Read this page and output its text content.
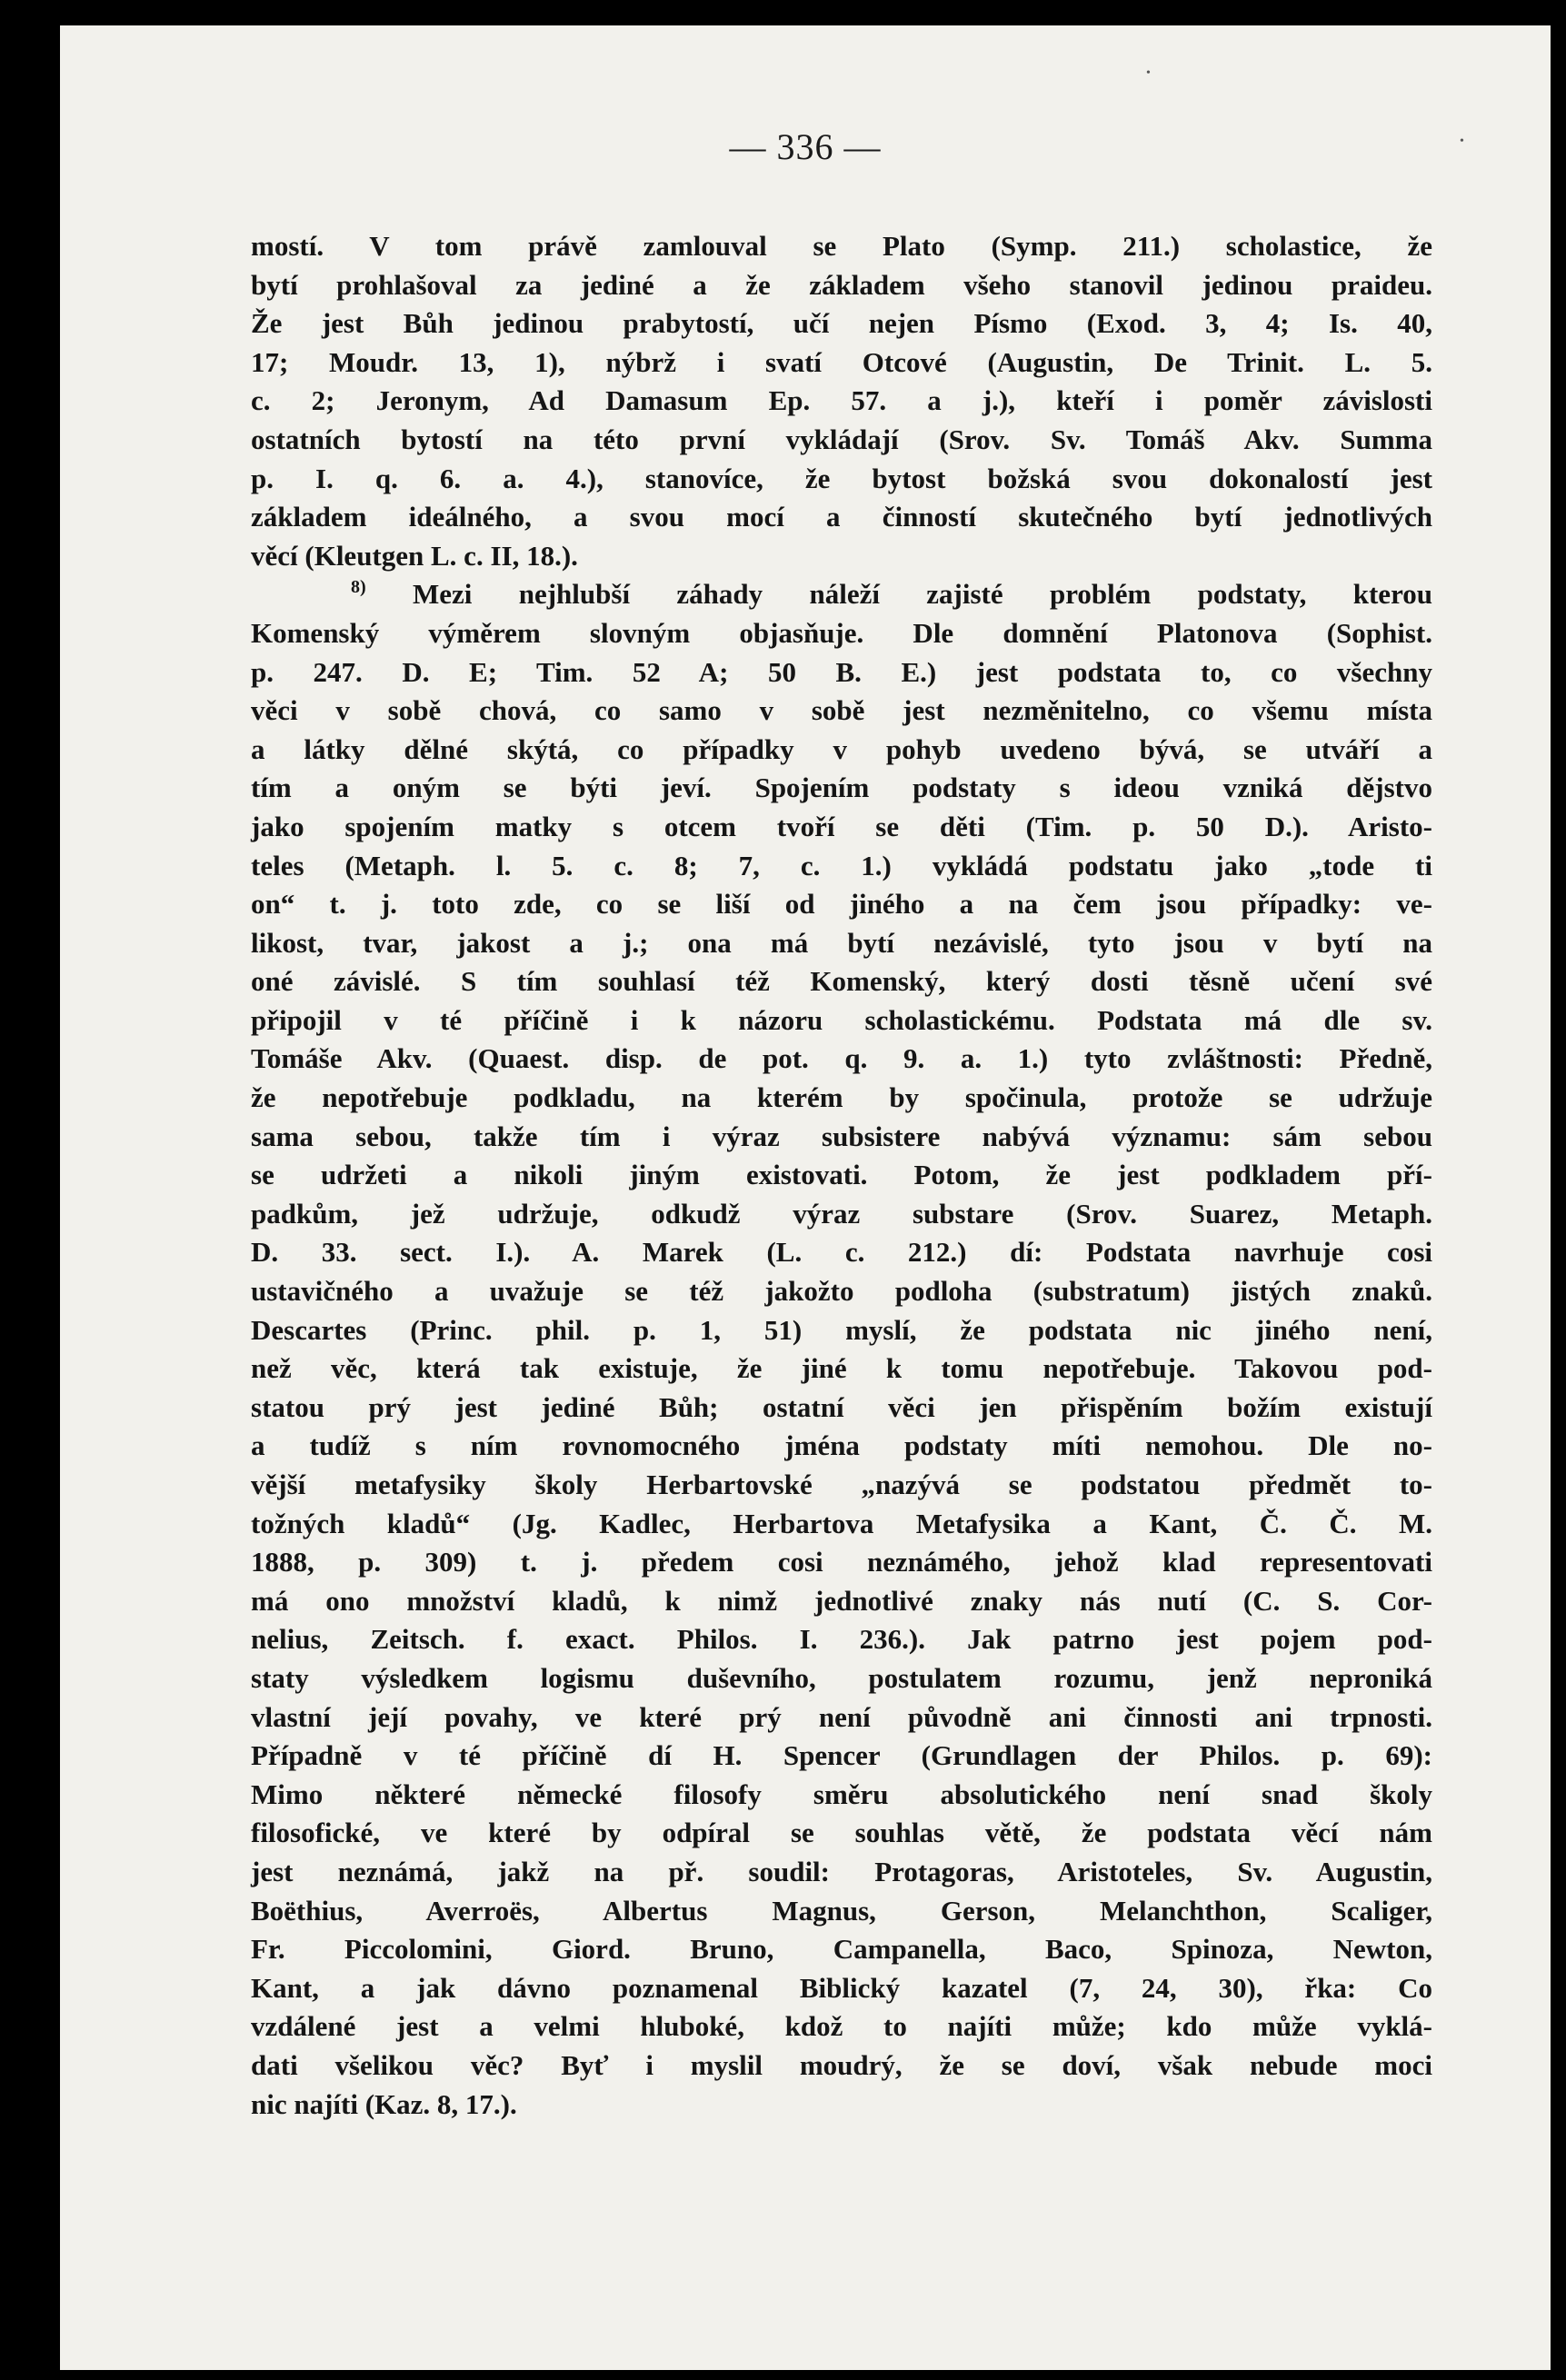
— 336 —
mostí. V tom právě zamlouval se Plato (Symp. 211.) scholastice, že
bytí prohlašoval za jediné a že základem všeho stanovil jedinou praideu.
Že jest Bůh jedinou prabytostí, učí nejen Písmo (Exod. 3, 4; Is. 40,
17; Moudr. 13, 1), nýbrž i svatí Otcové (Augustin, De Trinit. L. 5.
c. 2; Jeronym, Ad Damasum Ep. 57. a j.), kteří i poměr závislosti
ostatních bytostí na této první vykládají (Srov. Sv. Tomáš Akv. Summa
p. I. q. 6. a. 4.), stanovíce, že bytost božská svou dokonalostí jest
základem ideálného, a svou mocí a činností skutečného bytí jednotlivých
věcí (Kleutgen L. c. II, 18.).
$^{8)}$ Mezi nejhlubší záhady náleží zajisté problém podstaty, kterou
Komenský výměrem slovným objasňuje. Dle domnění Platonova (Sophist.
p. 247. D. E; Tim. 52 A; 50 B. E.) jest podstata to, co všechny
věci v sobě chová, co samo v sobě jest nezměnitelno, co všemu místa
a látky dělné skýtá, co případky v pohyb uvedeno bývá, se utváří a
tím a oným se býti jeví. Spojením podstaty s ideou vzniká dějstvo
jako spojením matky s otcem tvoří se děti (Tim. p. 50 D.). Aristo-
teles (Metaph. l. 5. c. 8; 7, c. 1.) vykládá podstatu jako „tode ti
on“ t. j. toto zde, co se liší od jiného a na čem jsou případky: ve-
likost, tvar, jakost a j.; ona má bytí nezávislé, tyto jsou v bytí na
oné závislé. S tím souhlasí též Komenský, který dosti těsně učení své
připojil v té příčině i k názoru scholastickému. Podstata má dle sv.
Tomáše Akv. (Quaest. disp. de pot. q. 9. a. 1.) tyto zvláštnosti: Předně,
že nepotřebuje podkladu, na kterém by spočinula, protože se udržuje
sama sebou, takže tím i výraz subsistere nabývá významu: sám sebou
se udržeti a nikoli jiným existovati. Potom, že jest podkladem pří-
padkům, jež udržuje, odkudž výraz substare (Srov. Suarez, Metaph.
D. 33. sect. I.). A. Marek (L. c. 212.) dí: Podstata navrhuje cosi
ustavičného a uvažuje se též jakožto podloha (substratum) jistých znaků.
Descartes (Princ. phil. p. 1, 51) myslí, že podstata nic jiného není,
než věc, která tak existuje, že jiné k tomu nepotřebuje. Takovou pod-
statou prý jest jediné Bůh; ostatní věci jen přispěním božím existují
a tudíž s ním rovnomocného jména podstaty míti nemohou. Dle no-
vější metafysiky školy Herbartovské „nazývá se podstatou předmět to-
tožných kladů“ (Jg. Kadlec, Herbartova Metafysika a Kant, Č. Č. M.
1888, p. 309) t. j. předem cosi neznámého, jehož klad representovati
má ono množství kladů, k nimž jednotlivé znaky nás nutí (C. S. Cor-
nelius, Zeitsch. f. exact. Philos. I. 236.). Jak patrno jest pojem pod-
staty výsledkem logismu duševního, postulatem rozumu, jenž nepronik‍á
vlastní její povahy, ve které prý není původně ani činnosti ani trpnosti.
Případně v té příčině dí H. Spencer (Grundlagen der Philos. p. 69):
Mimo některé německé filosofy směru absolutického není snad školy
filosofické, ve které by odpíral se souhlas větě, že podstata věcí nám
jest neznámá, jakž na př. soudil: Protagoras, Aristoteles, Sv. Augustin,
Boëthius, Averroës, Albertus Magnus, Gerson, Melanchthon, Scaliger,
Fr. Piccolomini, Giord. Bruno, Campanella, Baco, Spinoza, Newton,
Kant, a jak dávno poznamenal Biblický kazatel (7, 24, 30), řka: Co
vzdálené jest a velmi hluboké, kdož to najíti může; kdo může vyklá-
dati všelikou věc? Byť i myslil moudrý, že se doví, však nebude moci
nic najíti (Kaz. 8, 17.).
•
•
